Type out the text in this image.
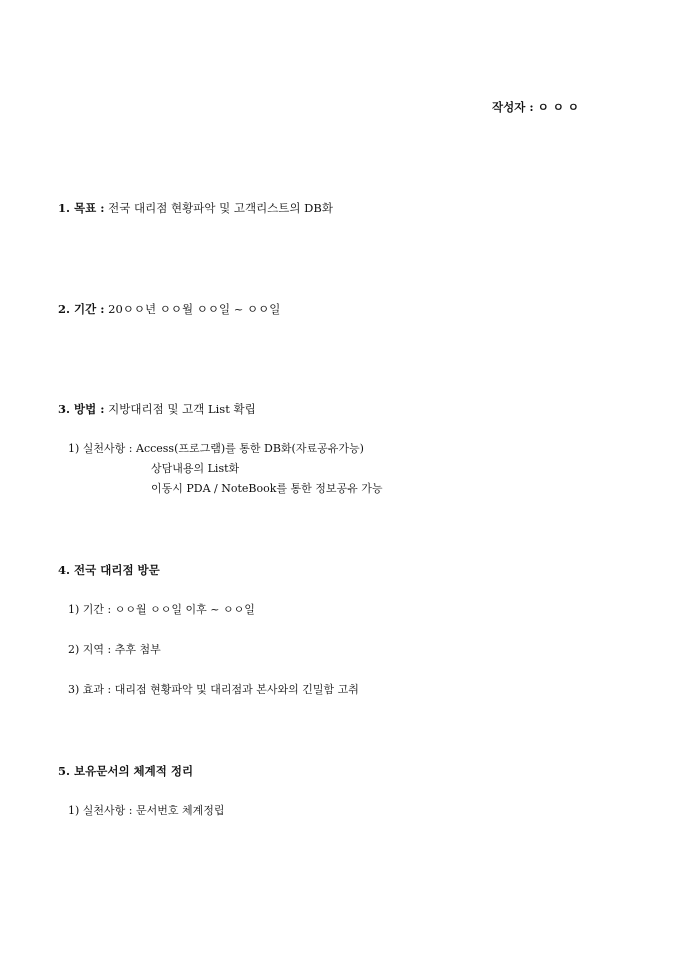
작성자 : ㅇ ㅇ ㅇ
1. 목표 : 전국 대리점 현황파악 및 고객리스트의 DB화
2. 기간 : 20ㅇㅇ년 ㅇㅇ월 ㅇㅇ일 ~ ㅇㅇ일
3. 방법 : 지방대리점 및 고객 List 확립
1) 실천사항 : Access(프로그램)를 통한 DB화(자료공유가능)
상담내용의 List화
이동시 PDA / NoteBook를 통한 정보공유 가능
4. 전국 대리점 방문
1) 기간 : ㅇㅇ월 ㅇㅇ일 이후 ~ ㅇㅇ일
2) 지역 : 추후 첨부
3) 효과 : 대리점 현황파악 및 대리점과 본사와의 긴밀함 고취
5. 보유문서의 체계적 정리
1) 실천사항 : 문서번호 체계정립
